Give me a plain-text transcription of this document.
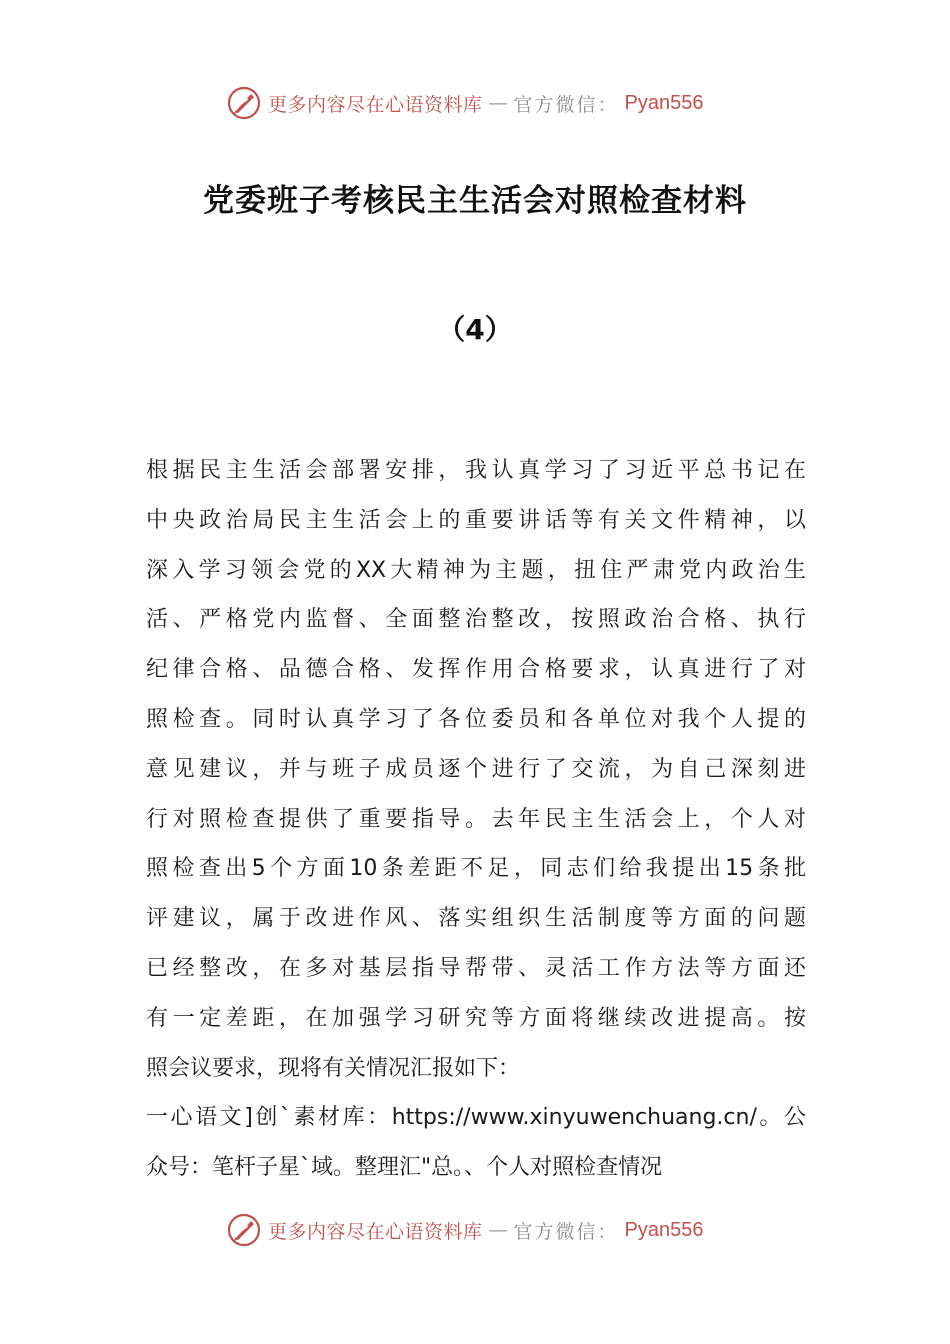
更多内容尽在心语资料库 — 官方微信： Pyan556
党委班子考核民主生活会对照检查材料
（4）
根据民主生活会部署安排，我认真学习了习近平总书记在
中央政治局民主生活会上的重要讲话等有关文件精神，以
深入学习领会党的XX大精神为主题，扭住严肃党内政治生
活、严格党内监督、全面整治整改，按照政治合格、执行
纪律合格、品德合格、发挥作用合格要求，认真进行了对
照检查。同时认真学习了各位委员和各单位对我个人提的
意见建议，并与班子成员逐个进行了交流，为自己深刻进
行对照检查提供了重要指导。去年民主生活会上，个人对
照检查出5个方面10条差距不足，同志们给我提出15条批
评建议，属于改进作风、落实组织生活制度等方面的问题
已经整改，在多对基层指导帮带、灵活工作方法等方面还
有一定差距，在加强学习研究等方面将继续改进提高。按
照会议要求，现将有关情况汇报如下：
一心语文]创`素材库：https://www.xinyuwenchuang.cn/。公
众号：笔杆子星`域。整理汇"总。、个人对照检查情况
更多内容尽在心语资料库 — 官方微信： Pyan556
